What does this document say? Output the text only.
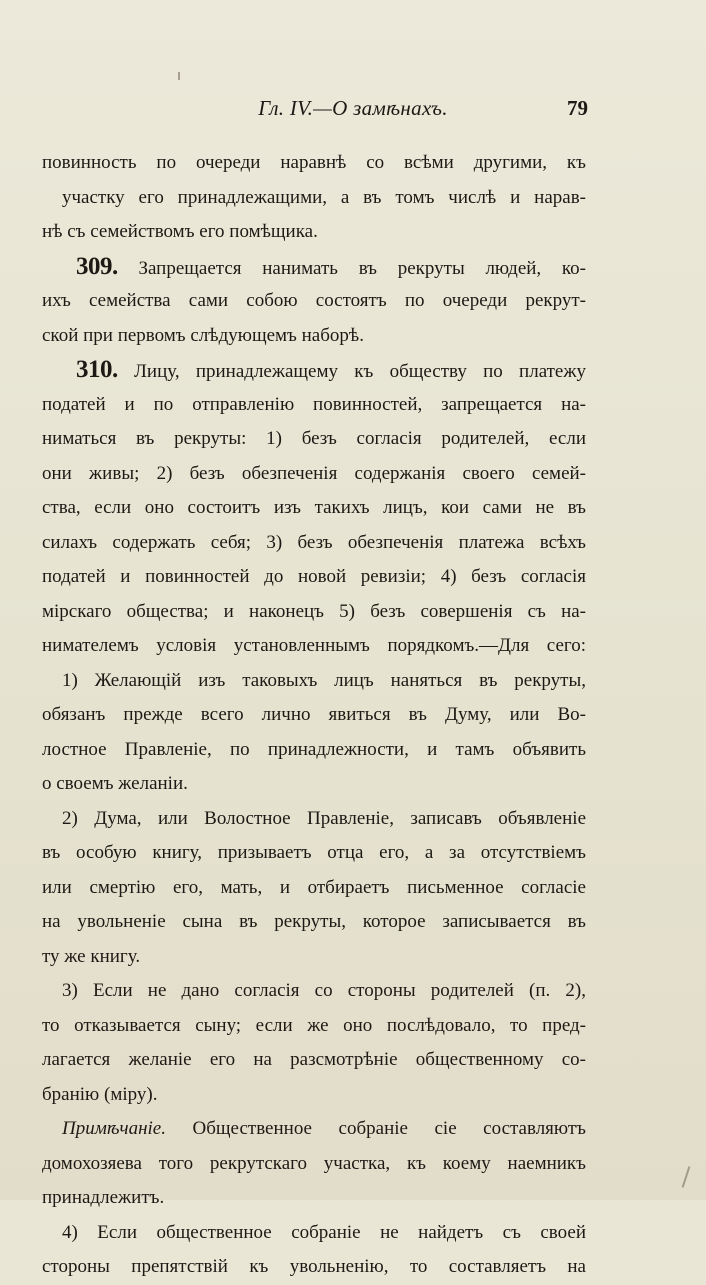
Гл. IV.—О замѣнахъ.	79
повинность по очереди наравнѣ со всѣми другими, къ
участку его принадлежащими, а въ томъ числѣ и нарав-
нѣ съ семействомъ его помѣщика.
309. Запрещается нанимать въ рекруты людей, ко-
ихъ семейства сами собою состоятъ по очереди рекрут-
ской при первомъ слѣдующемъ наборѣ.
310. Лицу, принадлежащему къ обществу по платежу
податей и по отправленію повинностей, запрещается на-
ниматься въ рекруты: 1) безъ согласія родителей, если
они живы; 2) безъ обезпеченія содержанія своего семей-
ства, если оно состоитъ изъ такихъ лицъ, кои сами не въ
силахъ содержать себя; 3) безъ обезпеченія платежа всѣхъ
податей и повинностей до новой ревизіи; 4) безъ согласія
мірскаго общества; и наконецъ 5) безъ совершенія съ на-
нимателемъ условія установленнымъ порядкомъ.—Для сего:
1) Желающій изъ таковыхъ лицъ наняться въ рекруты,
обязанъ прежде всего лично явиться въ Думу, или Во-
лостное Правленіе, по принадлежности, и тамъ объявить
о своемъ желаніи.
2) Дума, или Волостное Правленіе, записавъ объявленіе
въ особую книгу, призываетъ отца его, а за отсутствіемъ
или смертію его, мать, и отбираетъ письменное согласіе
на увольненіе сына въ рекруты, которое записывается въ
ту же книгу.
3) Если не дано согласія со стороны родителей (п. 2),
то отказывается сыну; если же оно послѣдовало, то пред-
лагается желаніе его на разсмотрѣніе общественному со-
бранію (міру).
Примѣчаніе. Общественное собраніе сіе составляютъ
домохозяева того рекрутскаго участка, къ коему наемникъ
принадлежитъ.
4) Если общественное собраніе не найдетъ съ своей
стороны препятствій къ увольненію, то составляетъ на
